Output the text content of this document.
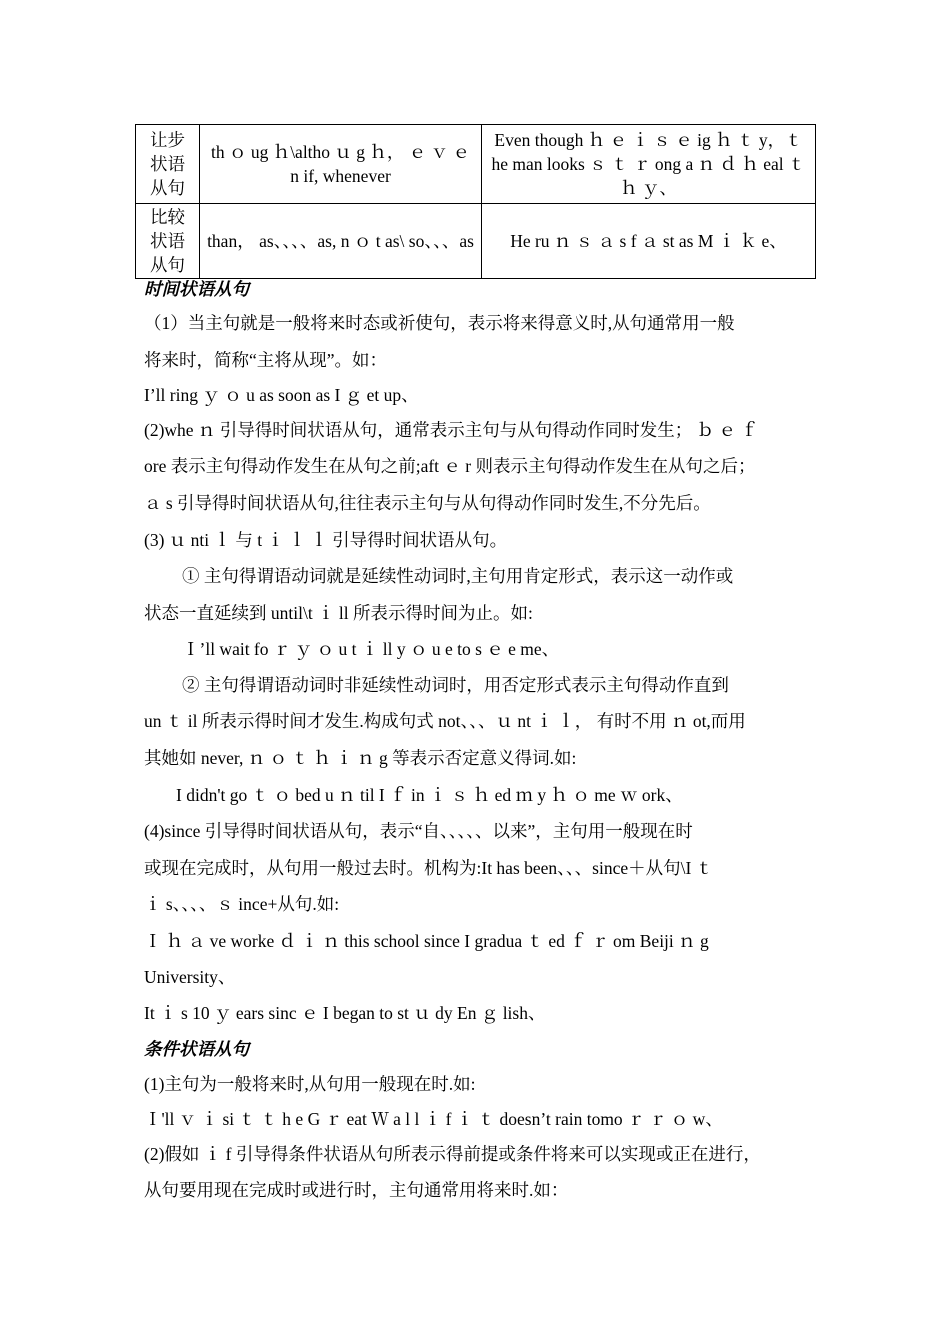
让步
状语
从句	th ｏ ug ｈ\altho ｕ g ｈ， ｅ ｖ ｅ n if, whenever	Even though ｈ ｅ ｉ ｓ ｅ ig ｈ ｔ y，ｔ he man looks ｓ ｔ ｒ ong a ｎ ｄ ｈ eal ｔ ｈ ｙ、
比较
状语
从句	than， as、、、、as, n ｏ t as\ so、、、as	He ru ｎ ｓ ａ s f ａ st as M ｉ ｋ e、
时间状语从句
（1）当主句就是一般将来时态或祈使句，表示将来得意义时,从句通常用一般
将来时，简称“主将从现”。如：
I’ll ring ｙ ｏ u as soon as I ｇ et up、
(2)whe ｎ 引导得时间状语从句，通常表示主句与从句得动作同时发生； ｂ ｅ ｆ
ore 表示主句得动作发生在从句之前;aft ｅ r 则表示主句得动作发生在从句之后；
ａ s 引导得时间状语从句,往往表示主句与从句得动作同时发生,不分先后。
(3) ｕ nti ｌ 与 t ｉ ｌ ｌ 引导得时间状语从句。
① 主句得谓语动词就是延续性动词时,主句用肯定形式，表示这一动作或
状态一直延续到 until\t ｉ ll 所表示得时间为止。如:
Ｉ’ll wait fo ｒ ｙ ｏ u t ｉ ll y ｏ u e to s ｅ e me、
② 主句得谓语动词时非延续性动词时，用否定形式表示主句得动作直到
un ｔ il 所表示得时间才发生.构成句式 not、、、ｕ nt ｉ ｌ， 有时不用 ｎ ot,而用
其她如 never, ｎ ｏ ｔ ｈ ｉ ｎ g 等表示否定意义得词.如:
I didn't go ｔ ｏ bed u ｎ til I ｆ in ｉ ｓ ｈ ed ｍ y ｈ ｏ me ｗ ork、
(4)since 引导得时间状语从句，表示“自、、、、、以来”，主句用一般现在时
或现在完成时，从句用一般过去时。机构为:It has been、、、since＋从句\I ｔ
ｉ s、、、、ｓ ince+从句.如:
Ｉ ｈ ａ ve worke ｄ ｉ ｎ this school since I gradua ｔ ed ｆ ｒ om Beiji ｎ g
University、
It ｉ s 10 ｙ ears sinc ｅ I began to st ｕ dy En ｇ lish、
条件状语从句
(1)主句为一般将来时,从句用一般现在时.如:
Ｉ'll ｖ ｉ si ｔ ｔ h e G ｒ eat Ｗ a l l ｉ f ｉ ｔ doesn’t rain tomo ｒ ｒ ｏ w、
(2)假如 ｉ f 引导得条件状语从句所表示得前提或条件将来可以实现或正在进行，
从句要用现在完成时或进行时，主句通常用将来时.如：
